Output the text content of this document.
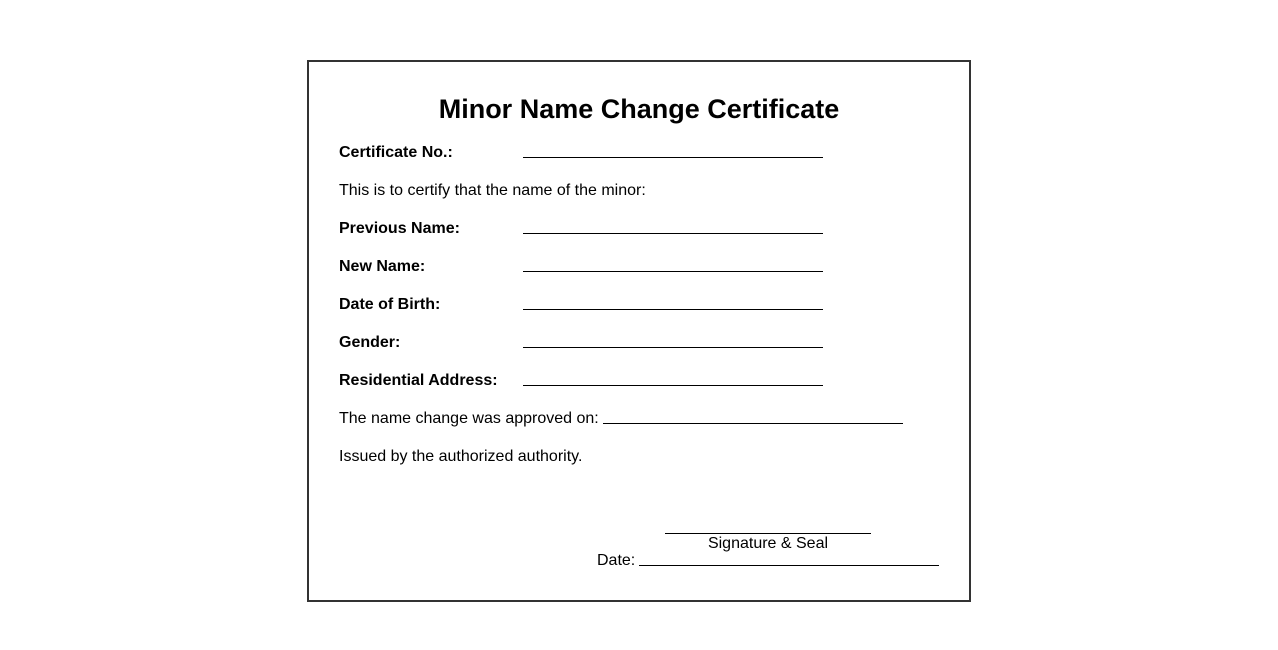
Minor Name Change Certificate
Certificate No.:
This is to certify that the name of the minor:
Previous Name:
New Name:
Date of Birth:
Gender:
Residential Address:
The name change was approved on:
Issued by the authorized authority.
Signature & Seal
Date:
